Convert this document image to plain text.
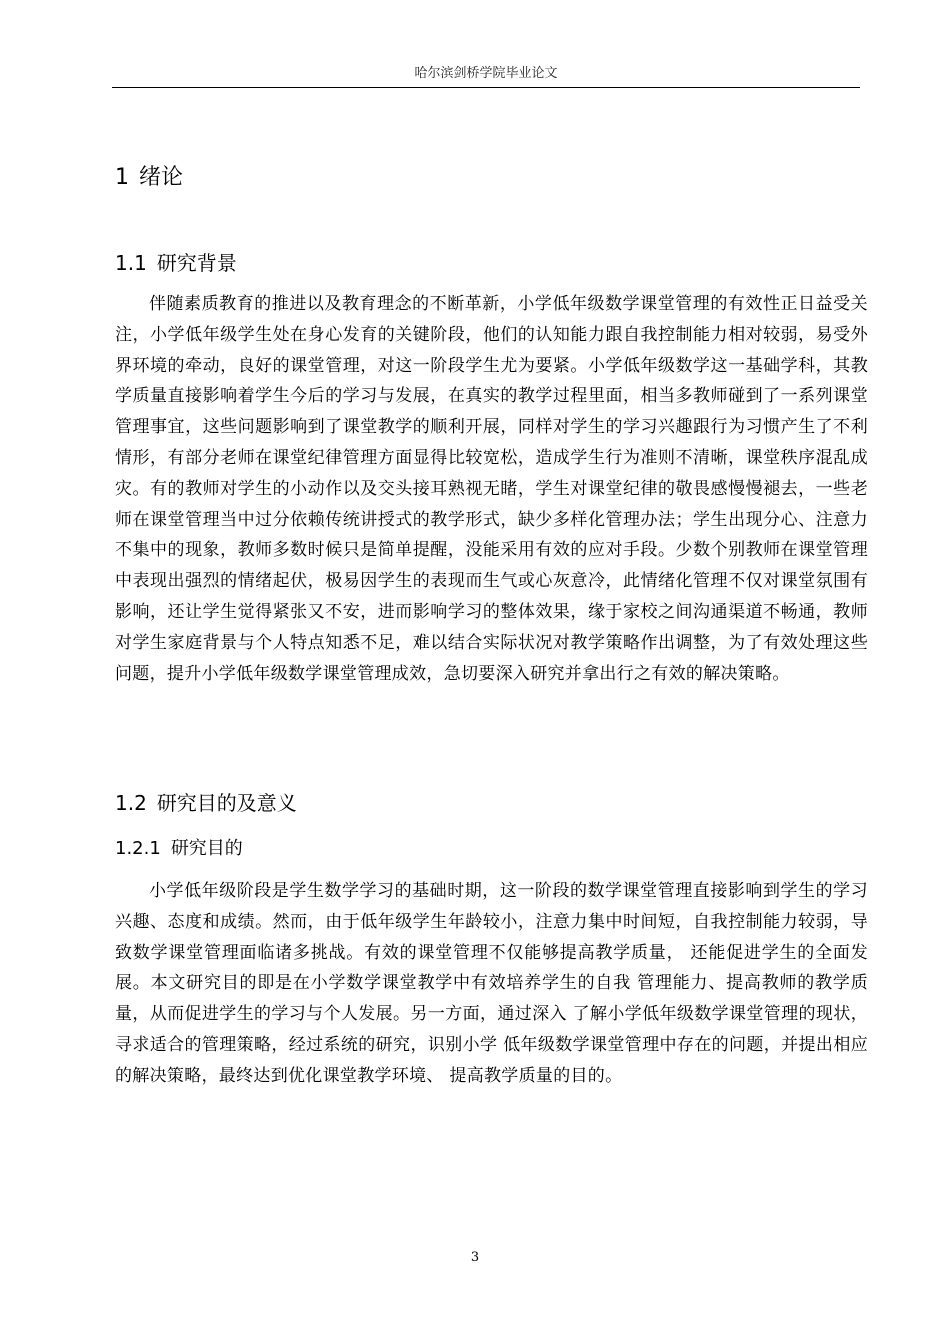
哈尔滨剑桥学院毕业论文
1 绪论
1.1 研究背景

伴随素质教育的推进以及教育理念的不断革新，小学低年级数学课堂管理的有效性正日益受关注，小学低年级学生处在身心发育的关键阶段，他们的认知能力跟自我控制能力相对较弱，易受外界环境的牵动，良好的课堂管理，对这一阶段学生尤为要紧。小学低年级数学这一基础学科，其教学质量直接影响着学生今后的学习与发展，在真实的教学过程里面，相当多教师碰到了一系列课堂管理事宜，这些问题影响到了课堂教学的顺利开展，同样对学生的学习兴趣跟行为习惯产生了不利情形，有部分老师在课堂纪律管理方面显得比较宽松，造成学生行为准则不清晰，课堂秩序混乱成灾。有的教师对学生的小动作以及交头接耳熟视无睹，学生对课堂纪律的敬畏感慢慢褪去，一些老师在课堂管理当中过分依赖传统讲授式的教学形式，缺少多样化管理办法；学生出现分心、注意力不集中的现象，教师多数时候只是简单提醒，没能采用有效的应对手段。少数个别教师在课堂管理中表现出强烈的情绪起伏，极易因学生的表现而生气或心灰意冷，此情绪化管理不仅对课堂氛围有影响，还让学生觉得紧张又不安，进而影响学习的整体效果，缘于家校之间沟通渠道不畅通，教师对学生家庭背景与个人特点知悉不足，难以结合实际状况对教学策略作出调整，为了有效处理这些问题，提升小学低年级数学课堂管理成效，急切要深入研究并拿出行之有效的解决策略。

1.2 研究目的及意义
1.2.1 研究目的

小学低年级阶段是学生数学学习的基础时期，这一阶段的数学课堂管理直接影响到学生的学习兴趣、态度和成绩。然而，由于低年级学生年龄较小，注意力集中时间短，自我控制能力较弱，导致数学课堂管理面临诸多挑战。有效的课堂管理不仅能够提高教学质量， 还能促进学生的全面发展。本文研究目的即是在小学数学课堂教学中有效培养学生的自我 管理能力、提高教师的教学质量，从而促进学生的学习与个人发展。另一方面，通过深入 了解小学低年级数学课堂管理的现状，寻求适合的管理策略，经过系统的研究，识别小学 低年级数学课堂管理中存在的问题，并提出相应的解决策略，最终达到优化课堂教学环境、 提高教学质量的目的。

3
